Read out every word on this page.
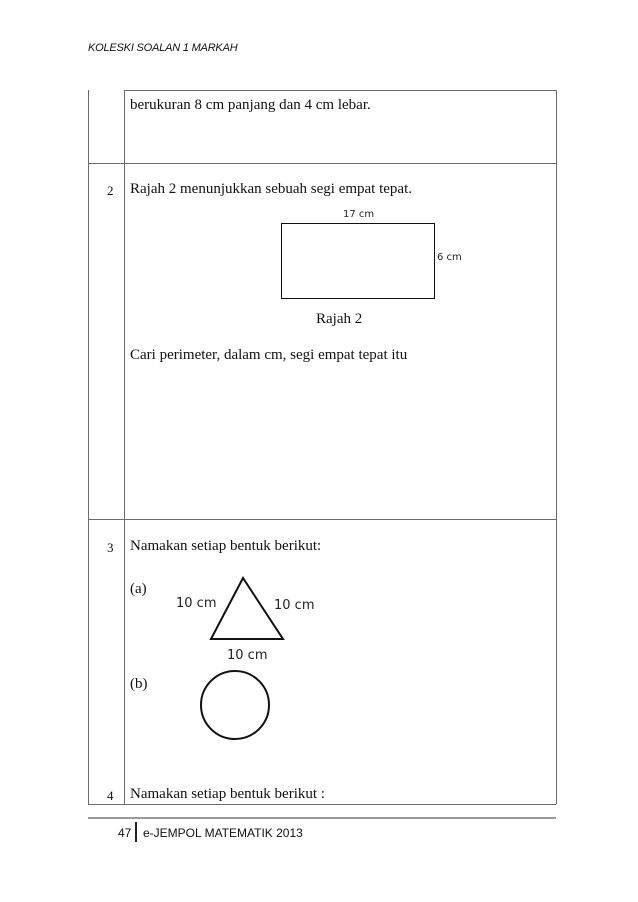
KOLESKI SOALAN 1 MARKAH
berukuran 8 cm panjang dan 4 cm lebar.
2 Rajah 2 menunjukkan sebuah segi empat tepat.
17 cm
6 cm
Rajah 2
Cari perimeter, dalam cm, segi empat tepat itu
3 Namakan setiap bentuk berikut:
(a)
10 cm	10 cm
10 cm
(b)
4 Namakan setiap bentuk berikut :
47 e-JEMPOL MATEMATIK 2013
